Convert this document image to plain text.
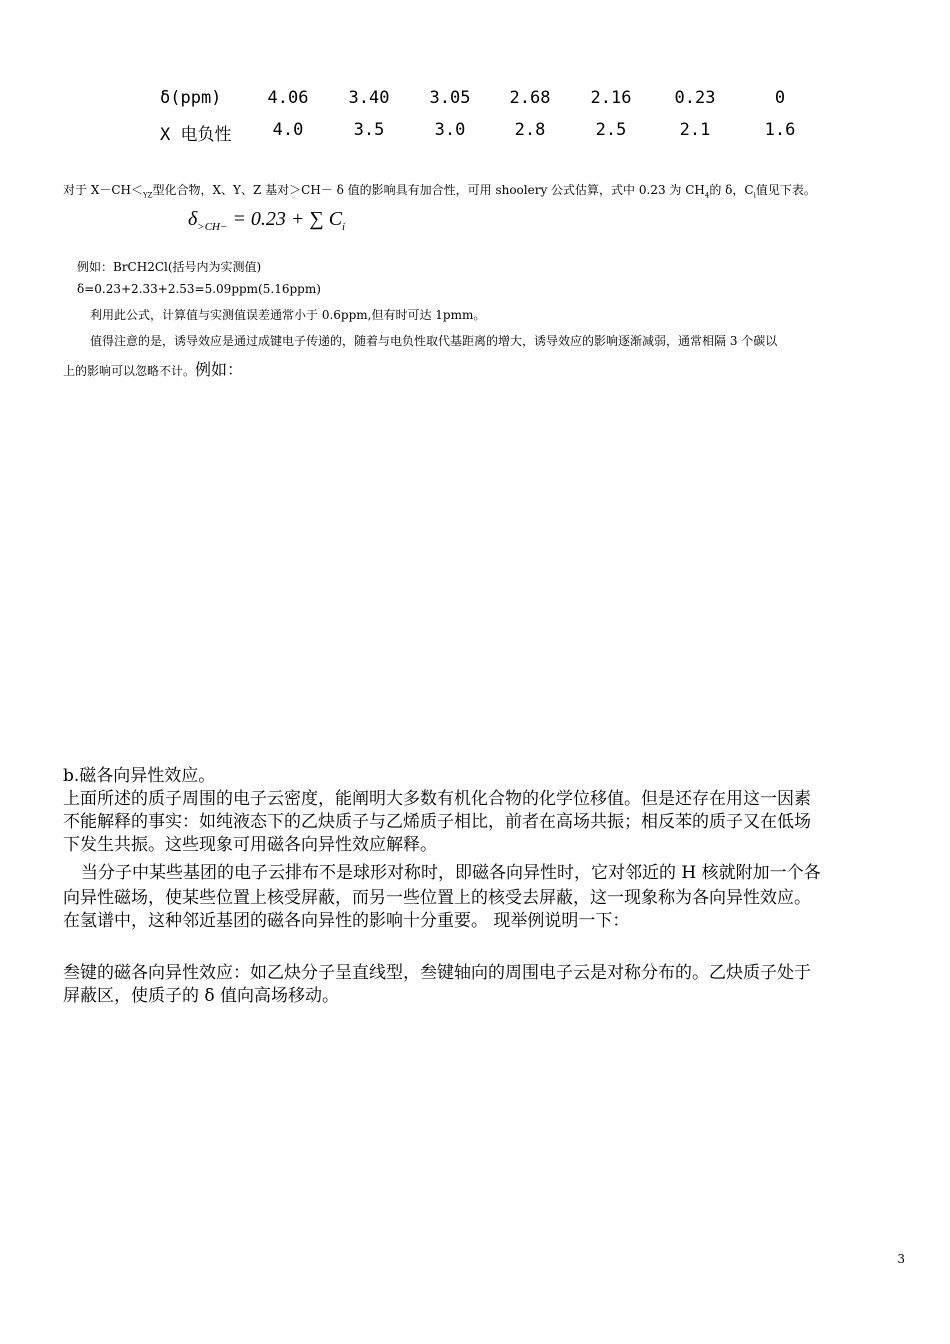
δ(ppm)	4.06	3.40	3.05	2.68	2.16	0.23	0
X 电负性	4.0	3.5	3.0	2.8	2.5	2.1	1.6
对于 $X-CH<_{YZ}$型化合物，X、Y、Z 基对＞CH－ δ 值的影响具有加合性，可用 shoolery 公式估算，式中 0.23 为 $CH_4$的 δ，$C_i$值见下表。
$\delta_{>CH-} = 0.23$ + ∑ $C_i$
例如：BrCH2Cl(括号内为实测值)
δ=0.23+2.33+2.53=5.09ppm(5.16ppm)
利用此公式，计算值与实测值误差通常小于 0.6ppm,但有时可达 1pmm。
值得注意的是，诱导效应是通过成键电子传递的，随着与电负性取代基距离的增大，诱导效应的影响逐渐减弱，通常相隔 3 个碳以
上的影响可以忽略不计。例如：
b.磁各向异性效应。
上面所述的质子周围的电子云密度，能阐明大多数有机化合物的化学位移值。但是还存在用这一因素
不能解释的事实：如纯液态下的乙炔质子与乙烯质子相比，前者在高场共振；相反苯的质子又在低场
下发生共振。这些现象可用磁各向异性效应解释。
当分子中某些基团的电子云排布不是球形对称时，即磁各向异性时，它对邻近的 H 核就附加一个各
向异性磁场，使某些位置上核受屏蔽，而另一些位置上的核受去屏蔽，这一现象称为各向异性效应。
在氢谱中，这种邻近基团的磁各向异性的影响十分重要。 现举例说明一下：
叁键的磁各向异性效应：如乙炔分子呈直线型，叁键轴向的周围电子云是对称分布的。乙炔质子处于
屏蔽区，使质子的 δ 值向高场移动。
3
